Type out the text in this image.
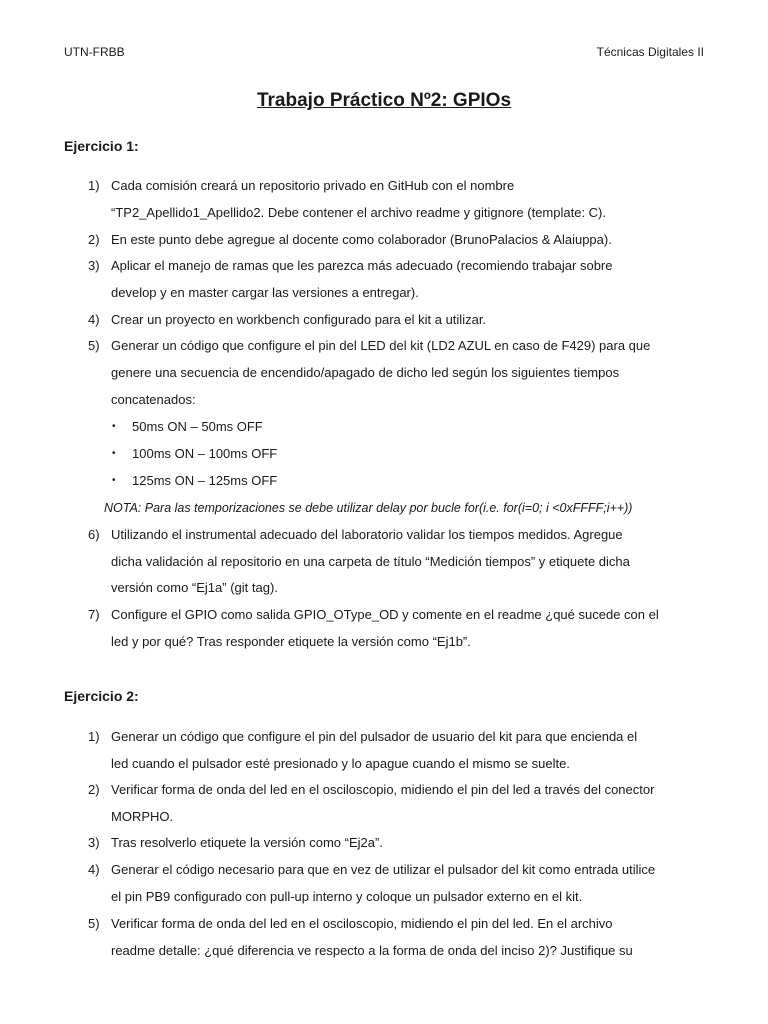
UTN-FRBB	Técnicas Digitales II
Trabajo Práctico Nº2: GPIOs
Ejercicio 1:
1) Cada comisión creará un repositorio privado en GitHub con el nombre
“TP2_Apellido1_Apellido2. Debe contener el archivo readme y gitignore (template: C).
2) En este punto debe agregue al docente como colaborador (BrunoPalacios & Alaiuppa).
3) Aplicar el manejo de ramas que les parezca más adecuado (recomiendo trabajar sobre
develop y en master cargar las versiones a entregar).
4) Crear un proyecto en workbench configurado para el kit a utilizar.
5) Generar un código que configure el pin del LED del kit (LD2 AZUL en caso de F429) para que
genere una secuencia de encendido/apagado de dicho led según los siguientes tiempos
concatenados:
• 50ms ON – 50ms OFF
• 100ms ON – 100ms OFF
• 125ms ON – 125ms OFF
NOTA: Para las temporizaciones se debe utilizar delay por bucle for(i.e. for(i=0; i <0xFFFF;i++))
6) Utilizando el instrumental adecuado del laboratorio validar los tiempos medidos. Agregue
dicha validación al repositorio en una carpeta de título “Medición tiempos” y etiquete dicha
versión como “Ej1a” (git tag).
7) Configure el GPIO como salida GPIO_OType_OD y comente en el readme ¿qué sucede con el
led y por qué? Tras responder etiquete la versión como “Ej1b”.
Ejercicio 2:
1) Generar un código que configure el pin del pulsador de usuario del kit para que encienda el
led cuando el pulsador esté presionado y lo apague cuando el mismo se suelte.
2) Verificar forma de onda del led en el osciloscopio, midiendo el pin del led a través del conector
MORPHO.
3) Tras resolverlo etiquete la versión como “Ej2a”.
4) Generar el código necesario para que en vez de utilizar el pulsador del kit como entrada utilice
el pin PB9 configurado con pull-up interno y coloque un pulsador externo en el kit.
5) Verificar forma de onda del led en el osciloscopio, midiendo el pin del led. En el archivo
readme detalle: ¿qué diferencia ve respecto a la forma de onda del inciso 2)? Justifique su
